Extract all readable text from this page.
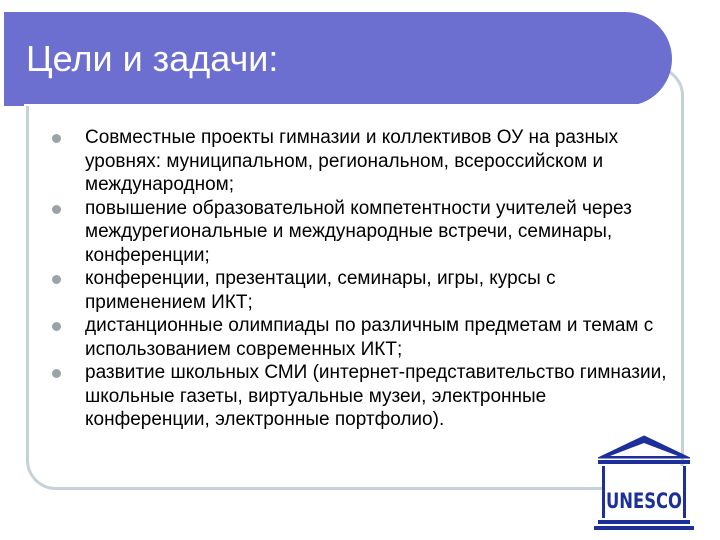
Цели и задачи:
Совместные проекты гимназии и коллективов ОУ на разных уровнях: муниципальном, региональном, всероссийском и международном;
повышение образовательной компетентности учителей через междурегиональные и международные встречи, семинары, конференции;
конференции, презентации, семинары, игры, курсы с применением ИКТ;
дистанционные олимпиады по различным предметам и темам с использованием современных ИКТ;
развитие школьных СМИ (интернет-представительство гимназии, школьные газеты, виртуальные музеи, электронные конференции, электронные портфолио).
UNESCO
